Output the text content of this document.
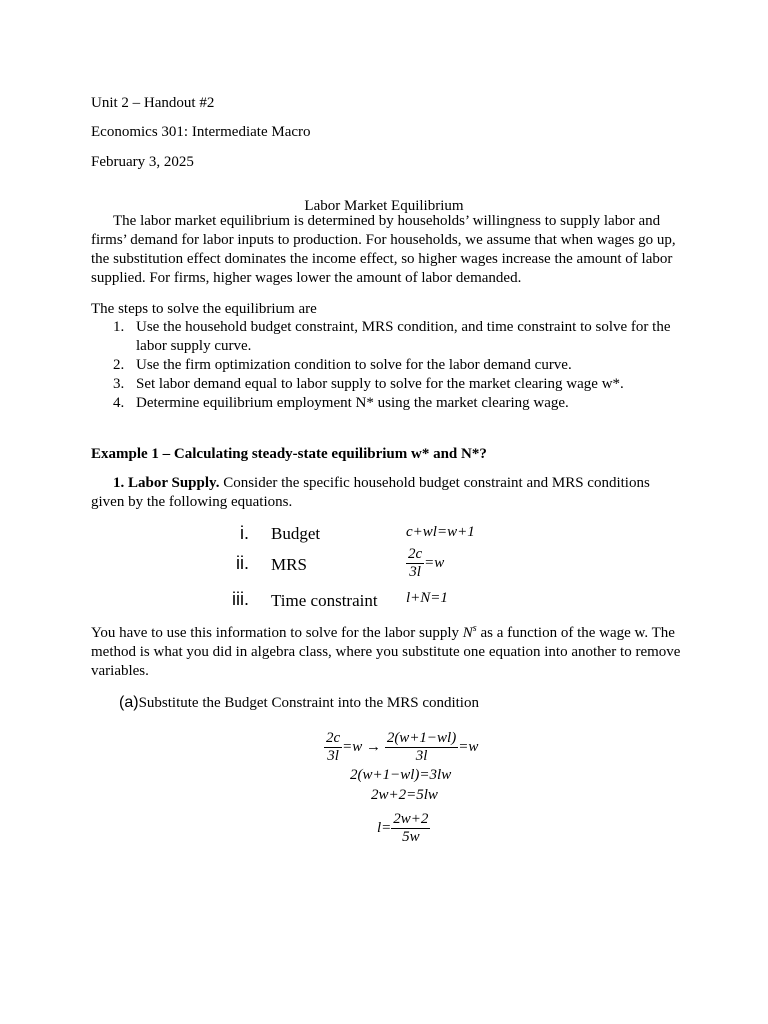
Unit 2 – Handout #2

Economics 301: Intermediate Macro

February 3, 2025

Labor Market Equilibrium

The labor market equilibrium is determined by households’ willingness to supply labor and firms’ demand for labor inputs to production. For households, we assume that when wages go up, the substitution effect dominates the income effect, so higher wages increase the amount of labor supplied. For firms, higher wages lower the amount of labor demanded.

The steps to solve the equilibrium are

1. Use the household budget constraint, MRS condition, and time constraint to solve for the labor supply curve.
2. Use the firm optimization condition to solve for the labor demand curve.
3. Set labor demand equal to labor supply to solve for the market clearing wage w*.
4. Determine equilibrium employment N* using the market clearing wage.

Example 1 – Calculating steady-state equilibrium w* and N*?

1. Labor Supply. Consider the specific household budget constraint and MRS conditions given by the following equations.

i. Budget	c+wl=w+1
ii. MRS	$\frac{2c}{3l} =w$
iii. Time constraint l+N=1

You have to use this information to solve for the labor supply $N^s$ as a function of the wage w. The method is what you did in algebra class, where you substitute one equation into another to remove variables.

(a)Substitute the Budget Constraint into the MRS condition

$\frac{2c}{3l} =w \to \frac{2(w+1-wl)}{3l} =w$
2(w+1−wl)=3lw
2w+2=5lw
$l= \frac{2w+2}{5w}$
